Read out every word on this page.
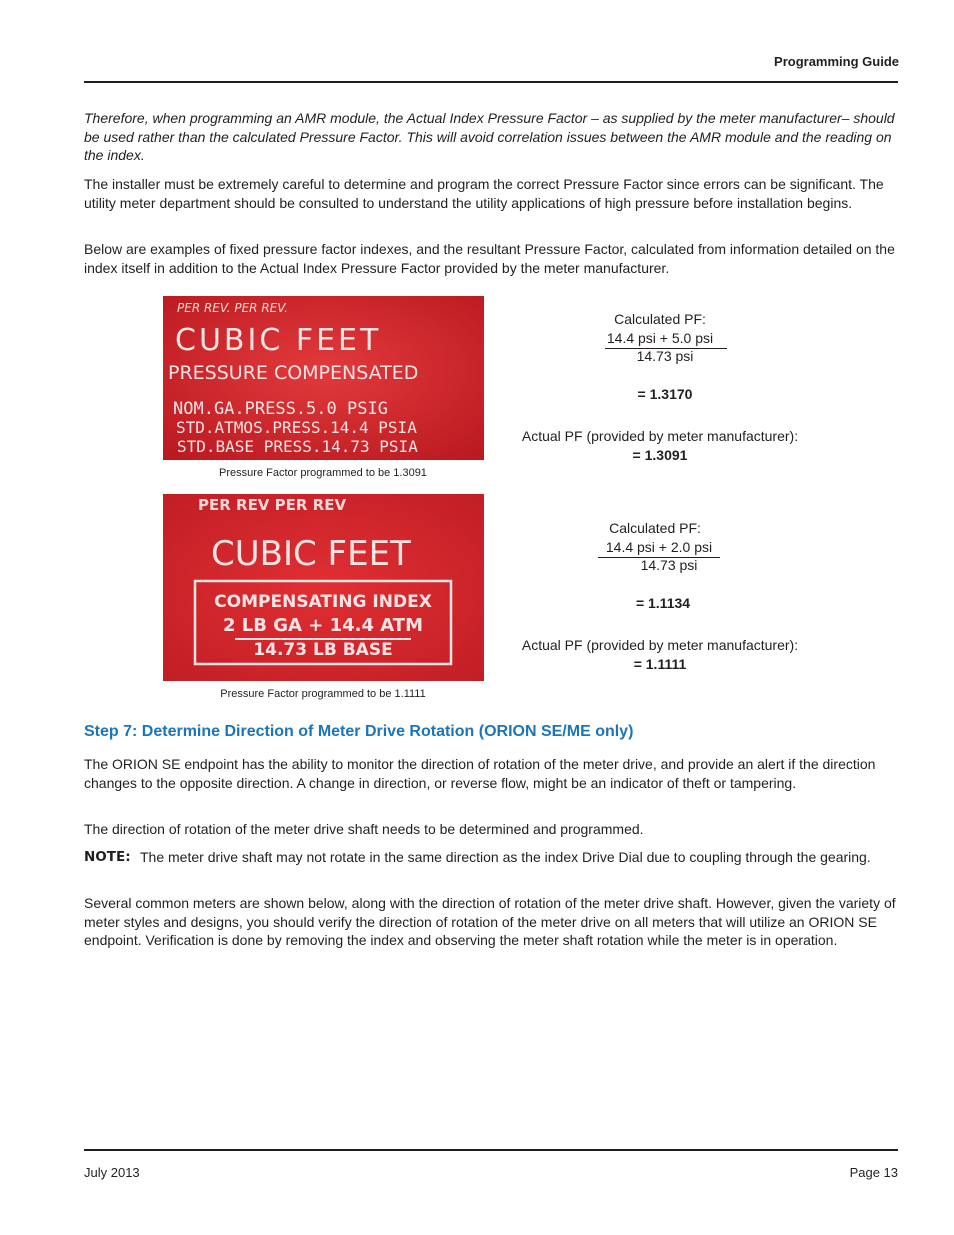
Programming Guide

Therefore, when programming an AMR module, the Actual Index Pressure Factor – as supplied by the meter manufacturer– should be used rather than the calculated Pressure Factor. This will avoid correlation issues between the AMR module and the reading on the index.

The installer must be extremely careful to determine and program the correct Pressure Factor since errors can be significant. The utility meter department should be consulted to understand the utility applications of high pressure before installation begins.

Below are examples of fixed pressure factor indexes, and the resultant Pressure Factor, calculated from information detailed on the index itself in addition to the Actual Index Pressure Factor provided by the meter manufacturer.

PER REV. PER REV.
CUBIC FEET
PRESSURE COMPENSATED
NOM.GA.PRESS.5.0 PSIG
STD.ATMOS.PRESS.14.4 PSIA
STD.BASE PRESS.14.73 PSIA
Pressure Factor programmed to be 1.3091
Calculated PF:
14.4 psi + 5.0 psi
14.73 psi
= 1.3170
Actual PF (provided by meter manufacturer):
= 1.3091
PER REV PER REV
CUBIC FEET
COMPENSATING INDEX
2 LB GA + 14.4 ATM
14.73 LB BASE
Pressure Factor programmed to be 1.1111
Calculated PF:
14.4 psi + 2.0 psi
14.73 psi
= 1.1134
Actual PF (provided by meter manufacturer):
= 1.1111
Step 7: Determine Direction of Meter Drive Rotation (ORION SE/ME only)

The ORION SE endpoint has the ability to monitor the direction of rotation of the meter drive, and provide an alert if the direction changes to the opposite direction. A change in direction, or reverse flow, might be an indicator of theft or tampering.

The direction of rotation of the meter drive shaft needs to be determined and programmed.

NOTE: The meter drive shaft may not rotate in the same direction as the index Drive Dial due to coupling through the gearing.

Several common meters are shown below, along with the direction of rotation of the meter drive shaft. However, given the variety of meter styles and designs, you should verify the direction of rotation of the meter drive on all meters that will utilize an ORION SE endpoint. Verification is done by removing the index and observing the meter shaft rotation while the meter is in operation.

July 2013	Page 13
